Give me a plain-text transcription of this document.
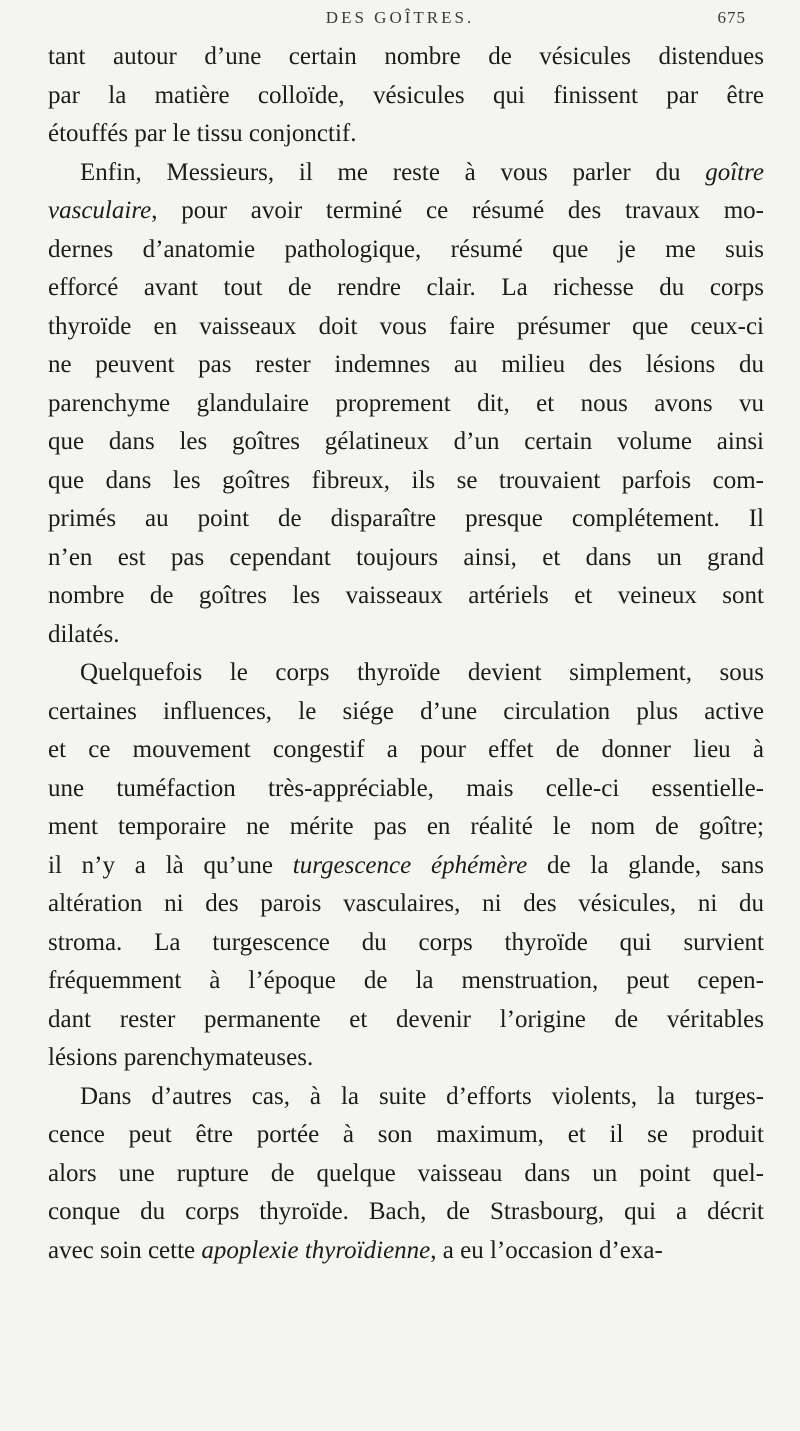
DES GOÎTRES.	675
tant autour d’une certain nombre de vésicules distendues
par la matière colloïde, vésicules qui finissent par être
étouffés par le tissu conjonctif.
Enfin, Messieurs, il me reste à vous parler du goître
vasculaire, pour avoir terminé ce résumé des travaux mo-
dernes d’anatomie pathologique, résumé que je me suis
efforcé avant tout de rendre clair. La richesse du corps
thyroïde en vaisseaux doit vous faire présumer que ceux-ci
ne peuvent pas rester indemnes au milieu des lésions du
parenchyme glandulaire proprement dit, et nous avons vu
que dans les goîtres gélatineux d’un certain volume ainsi
que dans les goîtres fibreux, ils se trouvaient parfois com-
primés au point de disparaître presque complétement. Il
n’en est pas cependant toujours ainsi, et dans un grand
nombre de goîtres les vaisseaux artériels et veineux sont
dilatés.
Quelquefois le corps thyroïde devient simplement, sous
certaines influences, le siége d’une circulation plus active
et ce mouvement congestif a pour effet de donner lieu à
une tuméfaction très-appréciable, mais celle-ci essentielle-
ment temporaire ne mérite pas en réalité le nom de goître;
il n’y a là qu’une turgescence éphémère de la glande, sans
altération ni des parois vasculaires, ni des vésicules, ni du
stroma. La turgescence du corps thyroïde qui survient
fréquemment à l’époque de la menstruation, peut cepen-
dant rester permanente et devenir l’origine de véritables
lésions parenchymateuses.
Dans d’autres cas, à la suite d’efforts violents, la turges-
cence peut être portée à son maximum, et il se produit
alors une rupture de quelque vaisseau dans un point quel-
conque du corps thyroïde. Bach, de Strasbourg, qui a décrit
avec soin cette apoplexie thyroïdienne, a eu l’occasion d’exa-
